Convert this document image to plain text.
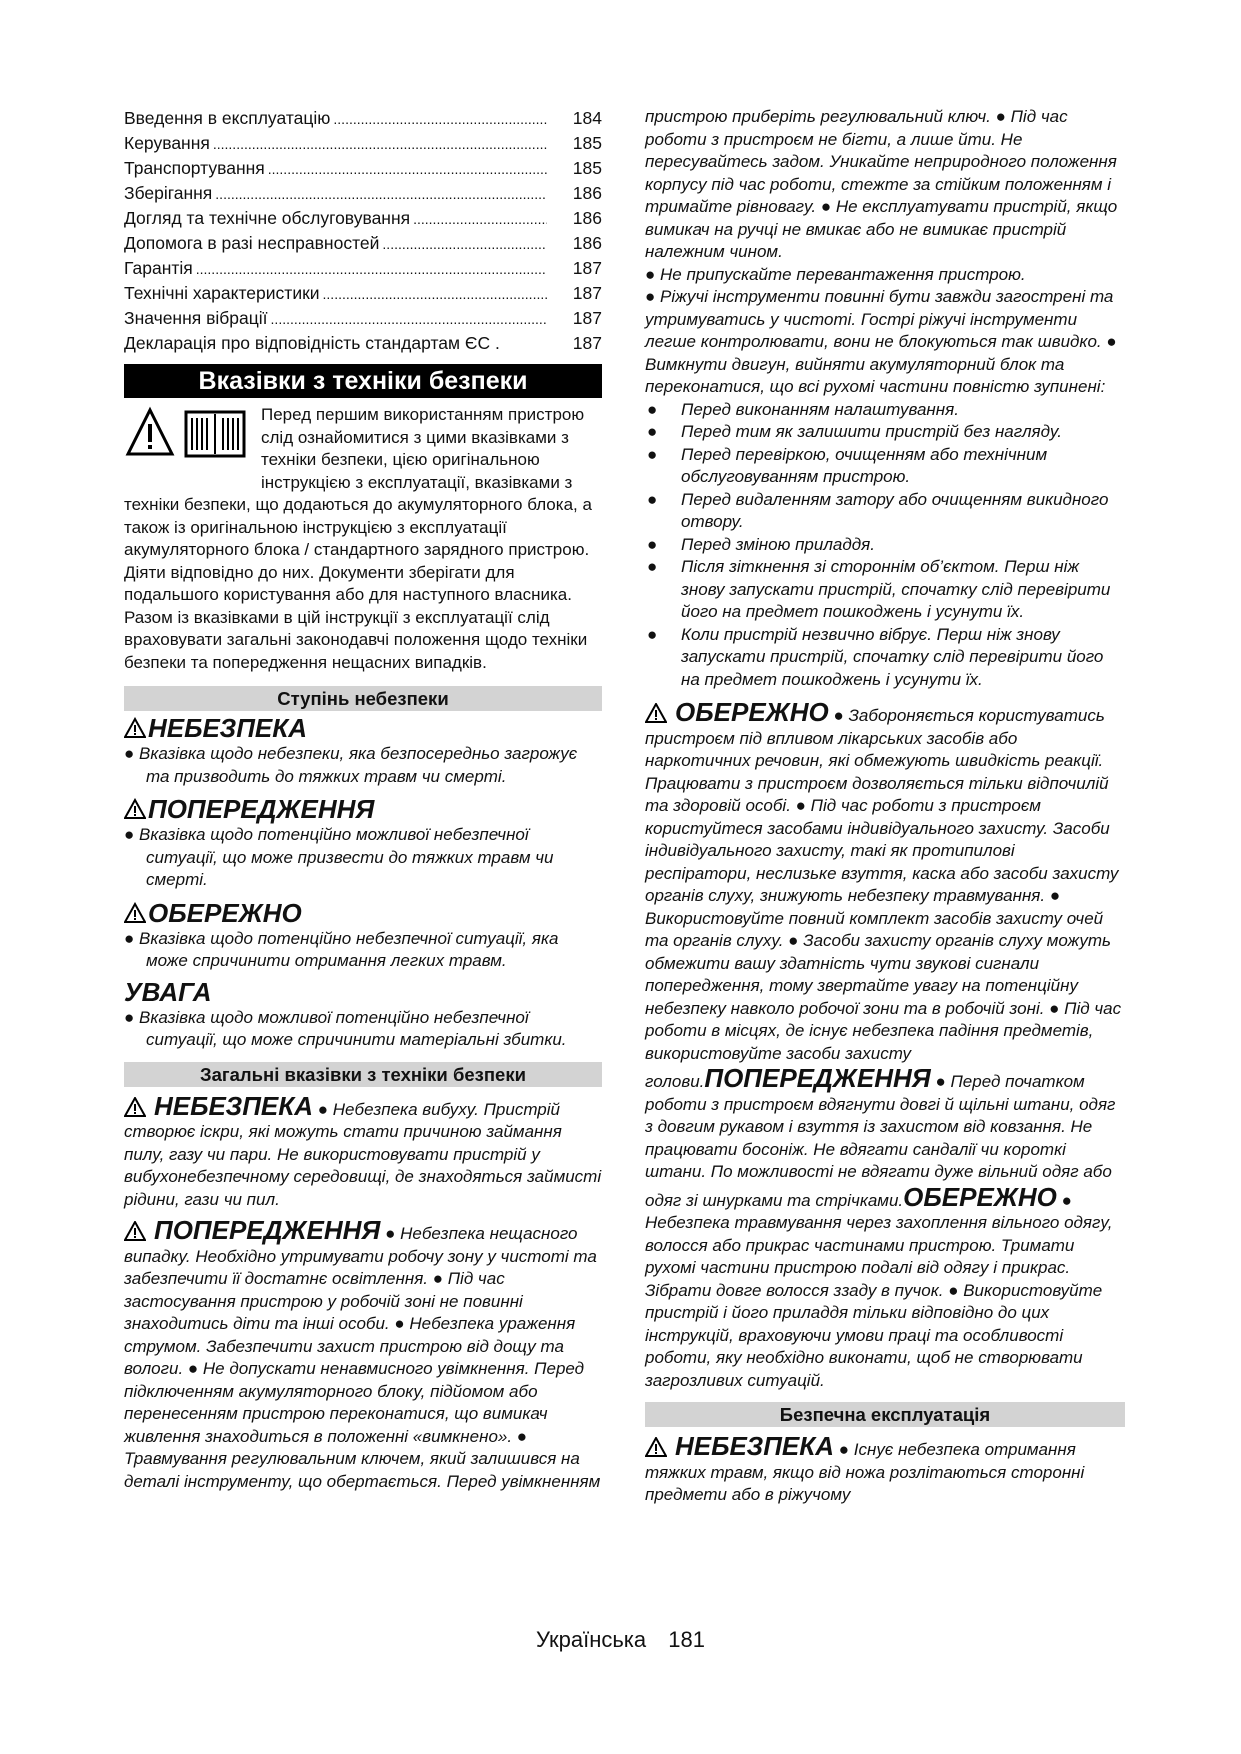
Введення в експлуатацію .....	184
Керування .....	185
Транспортування .....	185
Зберігання .....	186
Догляд та технічне обслуговування .....	186
Допомога в разі несправностей .....	186
Гарантія .....	187
Технічні характеристики .....	187
Значення вібрації .....	187
Декларація про відповідність стандартам ЄС .	187
Вказівки з техніки безпеки

Перед першим використанням пристрою слід ознайомитися з цими вказівками з техніки безпеки, цією оригінальною інструкцією з експлуатації, вказівками з техніки безпеки, що додаються до акумуляторного блока, а також із оригінальною інструкцією з експлуатації акумуляторного блока / стандартного зарядного пристрою. Діяти відповідно до них. Документи зберігати для подальшого користування або для наступного власника.

Разом із вказівками в цій інструкції з експлуатації слід враховувати загальні законодавчі положення щодо техніки безпеки та попередження нещасних випадків.

Ступінь небезпеки
НЕБЕЗПЕКА

● Вказівка щодо небезпеки, яка безпосередньо загрожує та призводить до тяжких травм чи смерті.

ПОПЕРЕДЖЕННЯ

● Вказівка щодо потенційно можливої небезпечної ситуації, що може призвести до тяжких травм чи смерті.

ОБЕРЕЖНО

● Вказівка щодо потенційно небезпечної ситуації, яка може спричинити отримання легких травм.

УВАГА

● Вказівка щодо можливої потенційно небезпечної ситуації, що може спричинити матеріальні збитки.

Загальні вказівки з техніки безпеки

НЕБЕЗПЕКА ● Небезпека вибуху. Пристрій створює іскри, які можуть стати причиною займання пилу, газу чи пари. Не використовувати пристрій у вибухонебезпечному середовищі, де знаходяться займисті рідини, гази чи пил.

ПОПЕРЕДЖЕННЯ ● Небезпека нещасного випадку. Необхідно утримувати робочу зону у чистоті та забезпечити її достатнє освітлення. ● Під час застосування пристрою у робочій зоні не повинні знаходитись діти та інші особи. ● Небезпека ураження струмом. Забезпечити захист пристрою від дощу та вологи. ● Не допускати ненавмисного увімкнення. Перед підключенням акумуляторного блоку, підйомом або перенесенням пристрою переконатися, що вимикач живлення знаходиться в положенні «вимкнено». ● Травмування регулювальним ключем, який залишився на деталі інструменту, що обертається. Перед увімкненням

пристрою приберіть регулювальний ключ. ● Під час роботи з пристроєм не бігти, а лише йти. Не пересувайтесь задом. Уникайте неприродного положення корпусу під час роботи, стежте за стійким положенням і тримайте рівновагу. ● Не експлуатувати пристрій, якщо вимикач на ручці не вмикає або не вимикає пристрій належним чином.

● Не припускайте перевантаження пристрою.

● Ріжучі інструменти повинні бути завжди загострені та утримуватись у чистоті. Гострі ріжучі інструменти легше контролювати, вони не блокуються так швидко. ● Вимкнути двигун, вийняти акумуляторний блок та переконатися, що всі рухомі частини повністю зупинені:

● Перед виконанням налаштування.
● Перед тим як залишити пристрій без нагляду.
● Перед перевіркою, очищенням або технічним обслуговуванням пристрою.
● Перед видаленням затору або очищенням викидного отвору.
● Перед зміною приладдя.
● Після зіткнення зі стороннім об’єктом. Перш ніж знову запускати пристрій, спочатку слід перевірити його на предмет пошкоджень і усунути їх.
● Коли пристрій незвично вібрує. Перш ніж знову запускати пристрій, спочатку слід перевірити його на предмет пошкоджень і усунути їх.

ОБЕРЕЖНО ● Забороняється користуватись пристроєм під впливом лікарських засобів або наркотичних речовин, які обмежують швидкість реакції. Працювати з пристроєм дозволяється тільки відпочилій та здоровій особі. ● Під час роботи з пристроєм користуйтеся засобами індивідуального захисту. Засоби індивідуального захисту, такі як протипилові респіратори, неслизьке взуття, каска або засоби захисту органів слуху, знижують небезпеку травмування. ● Використовуйте повний комплект засобів захисту очей та органів слуху. ● Засоби захисту органів слуху можуть обмежити вашу здатність чути звукові сигнали попередження, тому звертайте увагу на потенційну небезпеку навколо робочої зони та в робочій зоні. ● Під час роботи в місцях, де існує небезпека падіння предметів, використовуйте засоби захисту голови.ПОПЕРЕДЖЕННЯ ● Перед початком роботи з пристроєм вдягнути довгі й щільні штани, одяг з довгим рукавом і взуття із захистом від ковзання. Не працювати босоніж. Не вдягати сандалії чи короткі штани. По можливості не вдягати дуже вільний одяг або одяг зі шнурками та стрічками.ОБЕРЕЖНО ● Небезпека травмування через захоплення вільного одягу, волосся або прикрас частинами пристрою. Тримати рухомі частини пристрою подалі від одягу і прикрас. Зібрати довге волосся ззаду в пучок. ● Використовуйте пристрій і його приладдя тільки відповідно до цих інструкцій, враховуючи умови праці та особливості роботи, яку необхідно виконати, щоб не створювати загрозливих ситуацій.

Безпечна експлуатація

НЕБЕЗПЕКА ● Існує небезпека отримання тяжких травм, якщо від ножа розлітаються сторонні предмети або в ріжучому

Українська 181
